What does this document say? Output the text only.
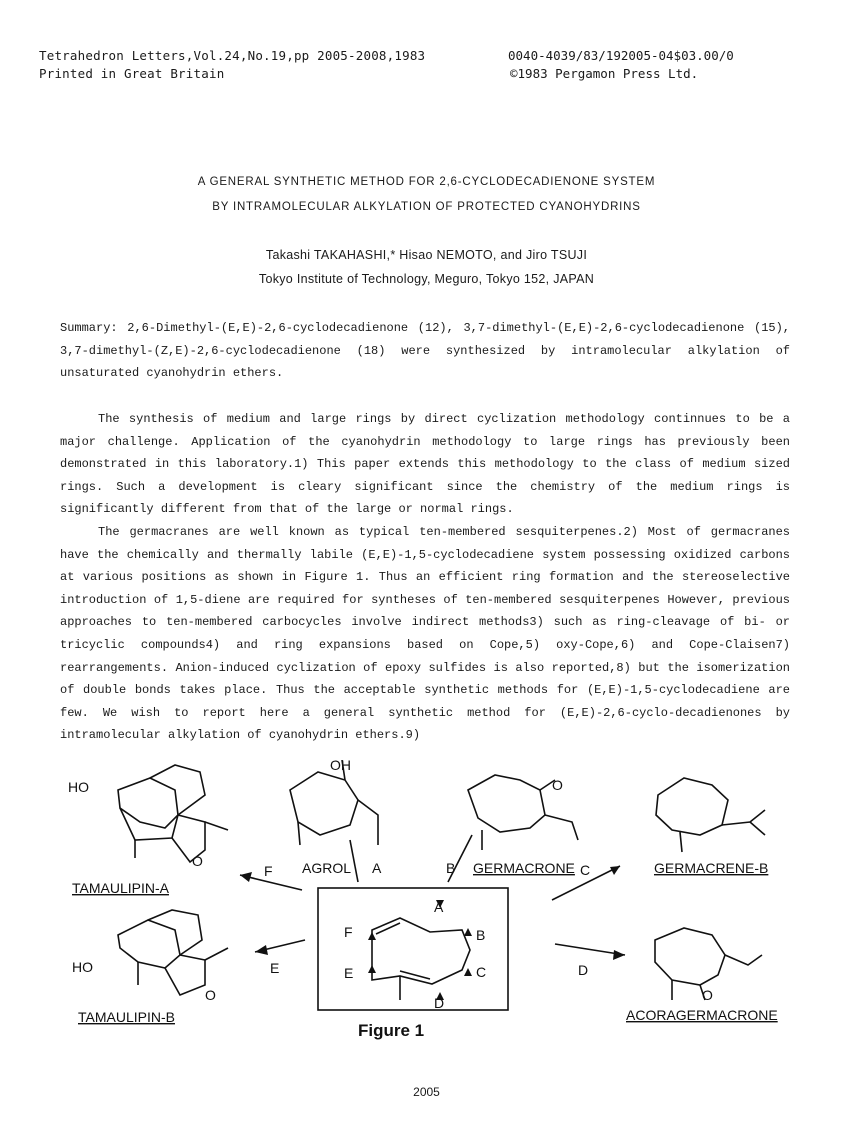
Tetrahedron Letters,Vol.24,No.19,pp 2005-2008,1983
Printed in Great Britain
0040-4039/83/192005-04$03.00/0
©1983 Pergamon Press Ltd.
A GENERAL SYNTHETIC METHOD FOR 2,6-CYCLODECADIENONE SYSTEM
BY INTRAMOLECULAR ALKYLATION OF PROTECTED CYANOHYDRINS
Takashi TAKAHASHI,* Hisao NEMOTO, and Jiro TSUJI
Tokyo Institute of Technology, Meguro, Tokyo 152, JAPAN

Summary: 2,6-Dimethyl-(E,E)-2,6-cyclodecadienone (12), 3,7-dimethyl-(E,E)-2,6-cyclodecadienone (15), 3,7-dimethyl-(Z,E)-2,6-cyclodecadienone (18) were synthesized by intramolecular alkylation of unsaturated cyanohydrin ethers.

The synthesis of medium and large rings by direct cyclization methodology continnues to be a major challenge. Application of the cyanohydrin methodology to large rings has previously been demonstrated in this laboratory.1) This paper extends this methodology to the class of medium sized rings. Such a development is cleary significant since the chemistry of the medium rings is significantly different from that of the large or normal rings.

The germacranes are well known as typical ten-membered sesquiterpenes.2) Most of germacranes have the chemically and thermally labile (E,E)-1,5-cyclodecadiene system possessing oxidized carbons at various positions as shown in Figure 1. Thus an efficient ring formation and the stereoselective introduction of 1,5-diene are required for syntheses of ten-membered sesquiterpenes However, previous approaches to ten-membered carbocycles involve indirect methods3) such as ring-cleavage of bi- or tricyclic compounds4) and ring expansions based on Cope,5) oxy-Cope,6) and Cope-Claisen7) rearrangements. Anion-induced cyclization of epoxy sulfides is also reported,8) but the isomerization of double bonds takes place. Thus the acceptable synthetic methods for (E,E)-1,5-cyclodecadiene are few. We wish to report here a general synthetic method for (E,E)-2,6-cyclo-decadienones by intramolecular alkylation of cyanohydrin ethers.9)

HO
OH
O
HO
O
O
O
TAMAULIPIN-A
AGROL	GERMACRONE	GERMACRENE-B
TAMAULIPIN-B	ACORAGERMACRONE
F	A	B	C
E	D
A
B
C
D
E
F
Figure 1
2005
